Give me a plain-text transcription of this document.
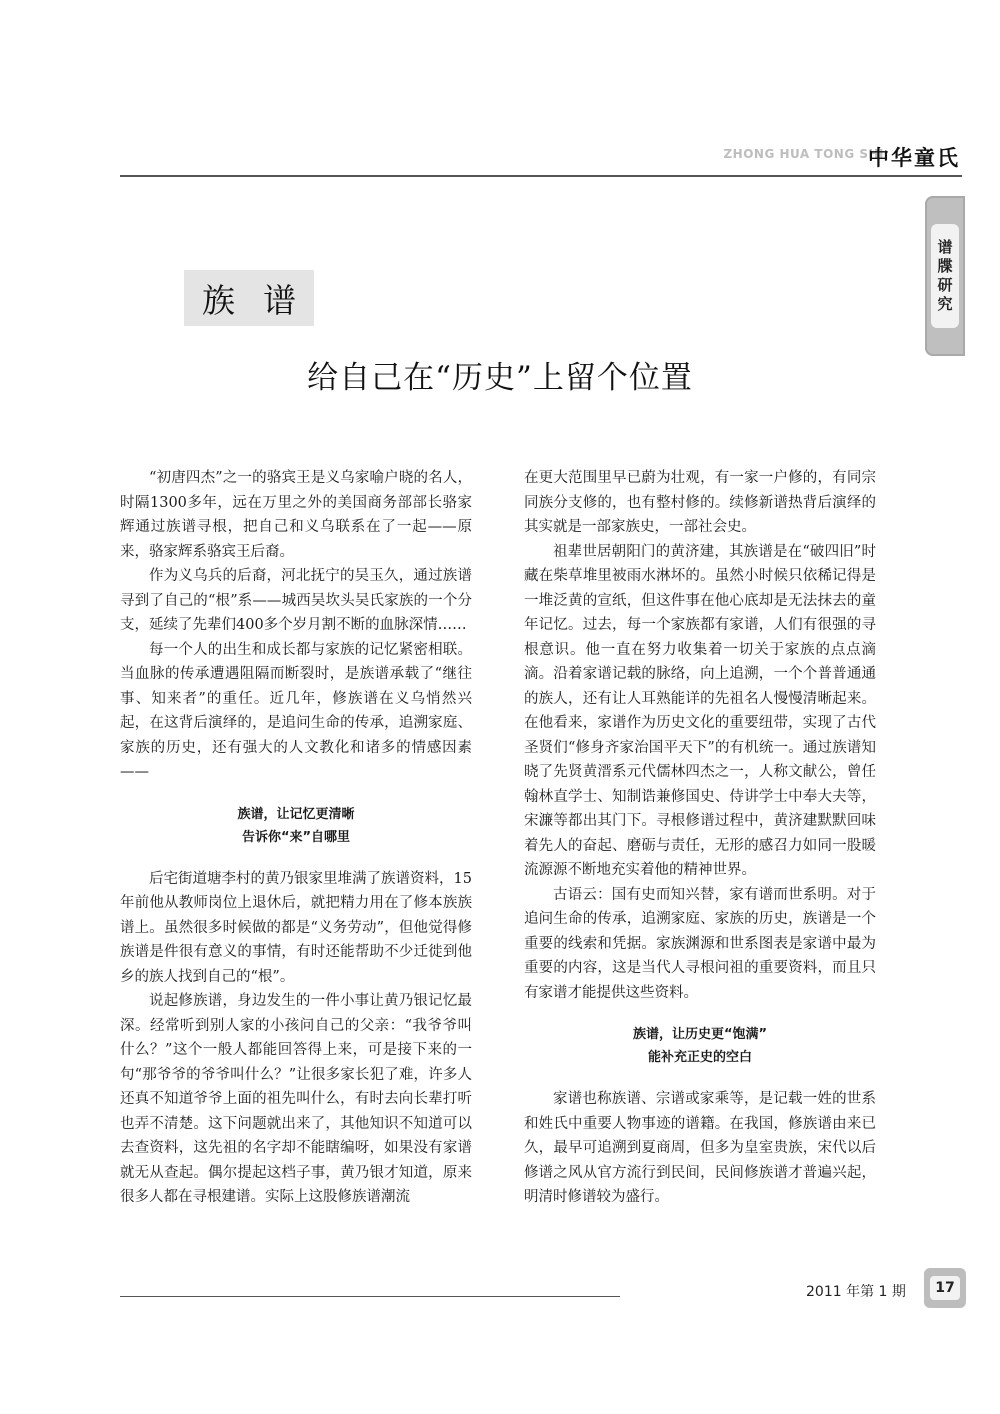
ZHONG HUA TONG SHI
中华童氏
谱
牒
研
究
族谱
给自己在“历史”上留个位置

“初唐四杰”之一的骆宾王是义乌家喻户晓的名人，时隔1300多年，远在万里之外的美国商务部部长骆家辉通过族谱寻根，把自己和义乌联系在了一起——原来，骆家辉系骆宾王后裔。

作为义乌兵的后裔，河北抚宁的吴玉久，通过族谱寻到了自己的“根”系——城西吴坎头吴氏家族的一个分支，延续了先辈们400多个岁月割不断的血脉深情……

每一个人的出生和成长都与家族的记忆紧密相联。当血脉的传承遭遇阻隔而断裂时，是族谱承载了“继往事、知来者”的重任。近几年，修族谱在义乌悄然兴起，在这背后演绎的，是追问生命的传承，追溯家庭、家族的历史，还有强大的人文教化和诸多的情感因素——

族谱，让记忆更清晰
告诉你“来”自哪里

后宅街道塘李村的黄乃银家里堆满了族谱资料，15年前他从教师岗位上退休后，就把精力用在了修本族族谱上。虽然很多时候做的都是“义务劳动”，但他觉得修族谱是件很有意义的事情，有时还能帮助不少迁徙到他乡的族人找到自己的“根”。

说起修族谱，身边发生的一件小事让黄乃银记忆最深。经常听到别人家的小孩问自己的父亲：“我爷爷叫什么？”这个一般人都能回答得上来，可是接下来的一句“那爷爷的爷爷叫什么？”让很多家长犯了难，许多人还真不知道爷爷上面的祖先叫什么，有时去向长辈打听也弄不清楚。这下问题就出来了，其他知识不知道可以去查资料，这先祖的名字却不能瞎编呀，如果没有家谱就无从查起。偶尔提起这档子事，黄乃银才知道，原来很多人都在寻根建谱。实际上这股修族谱潮流

在更大范围里早已蔚为壮观，有一家一户修的，有同宗同族分支修的，也有整村修的。续修新谱热背后演绎的其实就是一部家族史，一部社会史。

祖辈世居朝阳门的黄济建，其族谱是在“破四旧”时藏在柴草堆里被雨水淋坏的。虽然小时候只依稀记得是一堆泛黄的宣纸，但这件事在他心底却是无法抹去的童年记忆。过去，每一个家族都有家谱，人们有很强的寻根意识。他一直在努力收集着一切关于家族的点点滴滴。沿着家谱记载的脉络，向上追溯，一个个普普通通的族人，还有让人耳熟能详的先祖名人慢慢清晰起来。在他看来，家谱作为历史文化的重要纽带，实现了古代圣贤们“修身齐家治国平天下”的有机统一。通过族谱知晓了先贤黄溍系元代儒林四杰之一，人称文献公，曾任翰林直学士、知制诰兼修国史、侍讲学士中奉大夫等，宋濂等都出其门下。寻根修谱过程中，黄济建默默回味着先人的奋起、磨砺与责任，无形的感召力如同一股暖流源源不断地充实着他的精神世界。

古语云：国有史而知兴替，家有谱而世系明。对于追问生命的传承，追溯家庭、家族的历史，族谱是一个重要的线索和凭据。家族渊源和世系图表是家谱中最为重要的内容，这是当代人寻根问祖的重要资料，而且只有家谱才能提供这些资料。

族谱，让历史更“饱满”
能补充正史的空白

家谱也称族谱、宗谱或家乘等，是记载一姓的世系和姓氏中重要人物事迹的谱籍。在我国，修族谱由来已久，最早可追溯到夏商周，但多为皇室贵族，宋代以后修谱之风从官方流行到民间，民间修族谱才普遍兴起，明清时修谱较为盛行。

2011 年第 1 期	17
